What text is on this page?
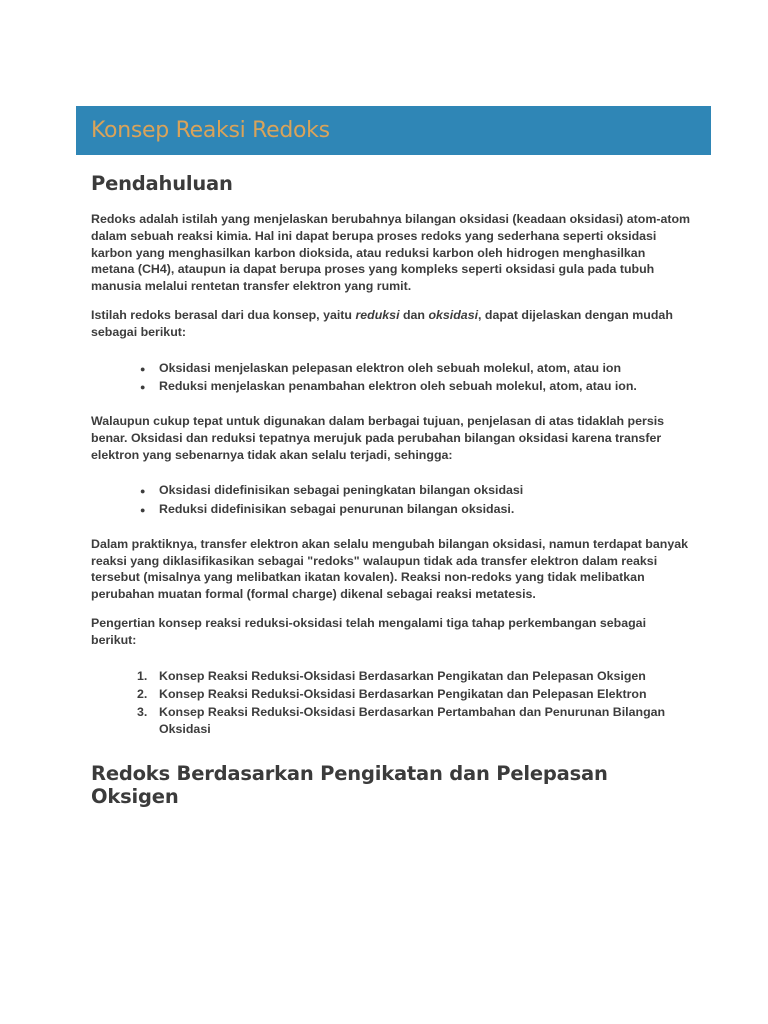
Konsep Reaksi Redoks
Pendahuluan

Redoks adalah istilah yang menjelaskan berubahnya bilangan oksidasi (keadaan oksidasi) atom-atom dalam sebuah reaksi kimia. Hal ini dapat berupa proses redoks yang sederhana seperti oksidasi karbon yang menghasilkan karbon dioksida, atau reduksi karbon oleh hidrogen menghasilkan metana (CH4), ataupun ia dapat berupa proses yang kompleks seperti oksidasi gula pada tubuh manusia melalui rentetan transfer elektron yang rumit.

Istilah redoks berasal dari dua konsep, yaitu reduksi dan oksidasi, dapat dijelaskan dengan mudah sebagai berikut:

●	Oksidasi menjelaskan pelepasan elektron oleh sebuah molekul, atom, atau ion
●	Reduksi menjelaskan penambahan elektron oleh sebuah molekul, atom, atau ion.

Walaupun cukup tepat untuk digunakan dalam berbagai tujuan, penjelasan di atas tidaklah persis benar. Oksidasi dan reduksi tepatnya merujuk pada perubahan bilangan oksidasi karena transfer elektron yang sebenarnya tidak akan selalu terjadi, sehingga:

●	Oksidasi didefinisikan sebagai peningkatan bilangan oksidasi
●	Reduksi didefinisikan sebagai penurunan bilangan oksidasi.

Dalam praktiknya, transfer elektron akan selalu mengubah bilangan oksidasi, namun terdapat banyak reaksi yang diklasifikasikan sebagai "redoks" walaupun tidak ada transfer elektron dalam reaksi tersebut (misalnya yang melibatkan ikatan kovalen). Reaksi non-redoks yang tidak melibatkan perubahan muatan formal (formal charge) dikenal sebagai reaksi metatesis.

Pengertian konsep reaksi reduksi-oksidasi telah mengalami tiga tahap perkembangan sebagai berikut:

1. Konsep Reaksi Reduksi-Oksidasi Berdasarkan Pengikatan dan Pelepasan Oksigen
2. Konsep Reaksi Reduksi-Oksidasi Berdasarkan Pengikatan dan Pelepasan Elektron
3. Konsep Reaksi Reduksi-Oksidasi Berdasarkan Pertambahan dan Penurunan Bilangan Oksidasi
Redoks Berdasarkan Pengikatan dan Pelepasan Oksigen
